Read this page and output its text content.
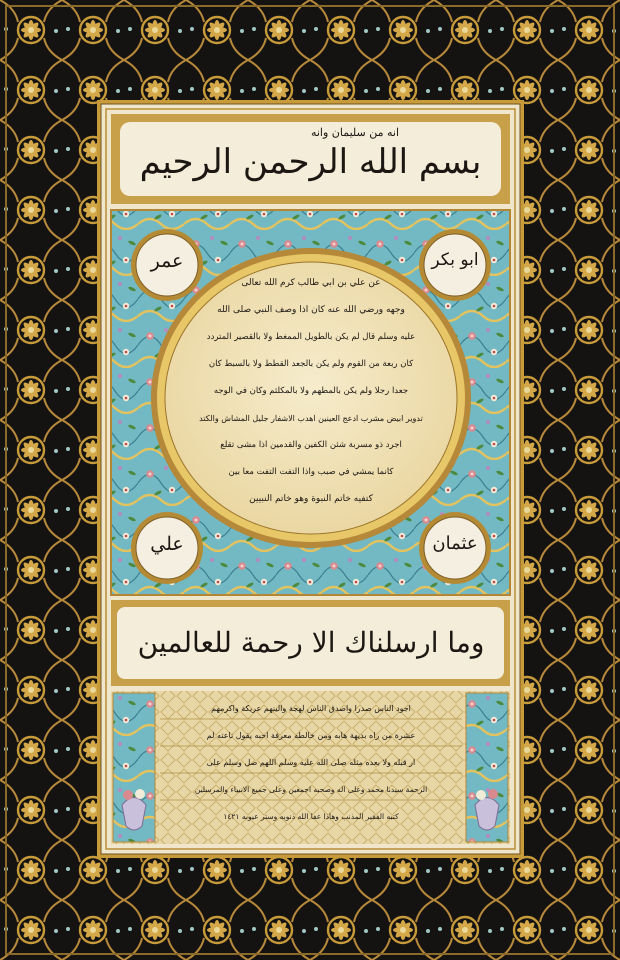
انه من سليمان وانه

بسم الله الرحمن الرحيم

ابو بكر

عمر

عثمان

علي

عن علي بن ابي طالب كرم الله تعالى

وجهه ورضي الله عنه كان اذا وصف النبي صلى الله

عليه وسلم قال لم يكن بالطويل الممغط ولا بالقصير المتردد

كان ربعة من القوم ولم يكن بالجعد القطط ولا بالسبط كان

جعدا رجلا ولم يكن بالمطهم ولا بالمكلثم وكان في الوجه

تدوير ابيض مشرب ادعج العينين اهدب الاشفار جليل المشاش والكتد

اجرد ذو مسربة شثن الكفين والقدمين اذا مشى تقلع

كانما يمشي في صبب واذا التفت التفت معا بين

كتفيه خاتم النبوة وهو خاتم النبيين

وما ارسلناك الا رحمة للعالمين

اجود الناس صدرا واصدق الناس لهجة والينهم عريكة واكرمهم

عشرة من راه بديهة هابه ومن خالطه معرفة احبه يقول ناعته لم

ار قبله ولا بعده مثله صلى الله عليه وسلم اللهم صل وسلم على

الرحمة سيدنا محمد وعلى اله وصحبه اجمعين وعلى جميع الانبياء والمرسلين

كتبه الفقير المذنب وهاذا عفا الله ذنوبه وستر عيوبه ١٤٢١
